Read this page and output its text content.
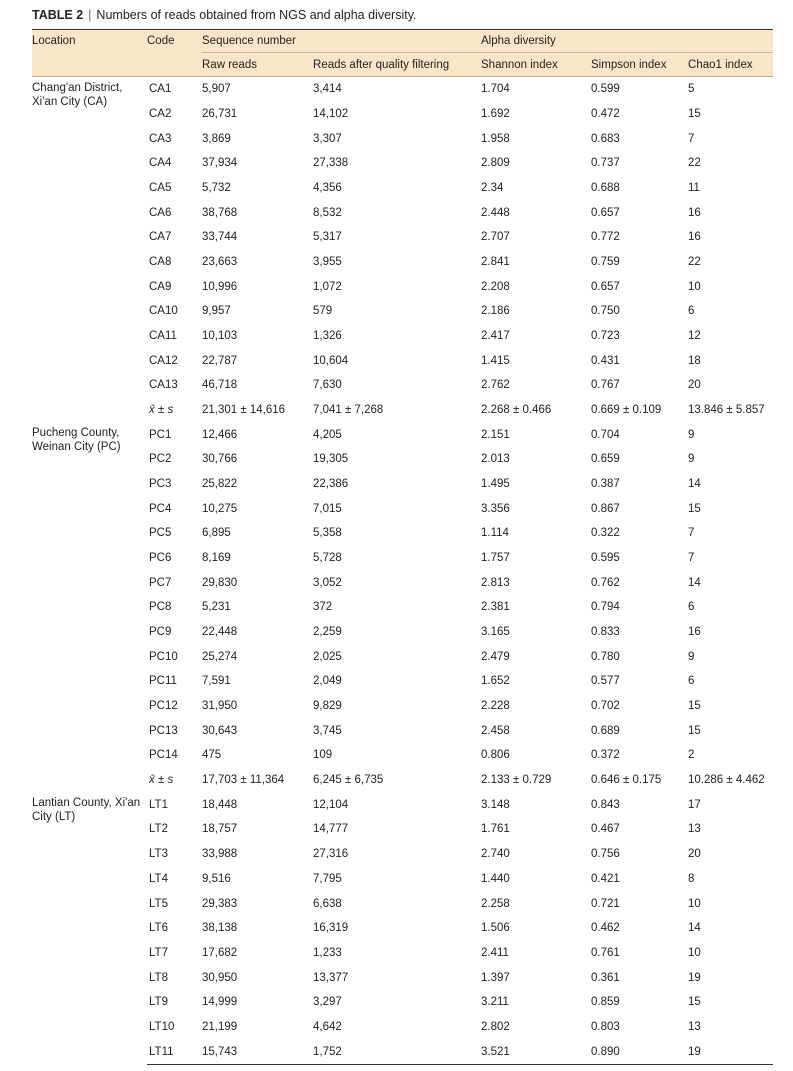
TABLE 2 | Numbers of reads obtained from NGS and alpha diversity.
Location	Code	Sequence number		Alpha diversity		
		Raw reads	Reads after quality filtering	Shannon index	Simpson index	Chao1 index
Chang'an District, Xi'an City (CA)	CA1	5,907	3,414	1.704	0.599	5
	CA2	26,731	14,102	1.692	0.472	15
	CA3	3,869	3,307	1.958	0.683	7
	CA4	37,934	27,338	2.809	0.737	22
	CA5	5,732	4,356	2.34	0.688	11
	CA6	38,768	8,532	2.448	0.657	16
	CA7	33,744	5,317	2.707	0.772	16
	CA8	23,663	3,955	2.841	0.759	22
	CA9	10,996	1,072	2.208	0.657	10
	CA10	9,957	579	2.186	0.750	6
	CA11	10,103	1,326	2.417	0.723	12
	CA12	22,787	10,604	1.415	0.431	18
	CA13	46,718	7,630	2.762	0.767	20
	x̄ ± s	21,301 ± 14,616	7,041 ± 7,268	2.268 ± 0.466	0.669 ± 0.109	13.846 ± 5.857
Pucheng County, Weinan City (PC)	PC1	12,466	4,205	2.151	0.704	9
	PC2	30,766	19,305	2.013	0.659	9
	PC3	25,822	22,386	1.495	0.387	14
	PC4	10,275	7,015	3.356	0.867	15
	PC5	6,895	5,358	1.114	0.322	7
	PC6	8,169	5,728	1.757	0.595	7
	PC7	29,830	3,052	2.813	0.762	14
	PC8	5,231	372	2.381	0.794	6
	PC9	22,448	2,259	3.165	0.833	16
	PC10	25,274	2,025	2.479	0.780	9
	PC11	7,591	2,049	1.652	0.577	6
	PC12	31,950	9,829	2.228	0.702	15
	PC13	30,643	3,745	2.458	0.689	15
	PC14	475	109	0.806	0.372	2
	x̄ ± s	17,703 ± 11,364	6,245 ± 6,735	2.133 ± 0.729	0.646 ± 0.175	10.286 ± 4.462
Lantian County, Xi'an City (LT)	LT1	18,448	12,104	3.148	0.843	17
	LT2	18,757	14,777	1.761	0.467	13
	LT3	33,988	27,316	2.740	0.756	20
	LT4	9,516	7,795	1.440	0.421	8
	LT5	29,383	6,638	2.258	0.721	10
	LT6	38,138	16,319	1.506	0.462	14
	LT7	17,682	1,233	2.411	0.761	10
	LT8	30,950	13,377	1.397	0.361	19
	LT9	14,999	3,297	3.211	0.859	15
	LT10	21,199	4,642	2.802	0.803	13
	LT11	15,743	1,752	3.521	0.890	19
